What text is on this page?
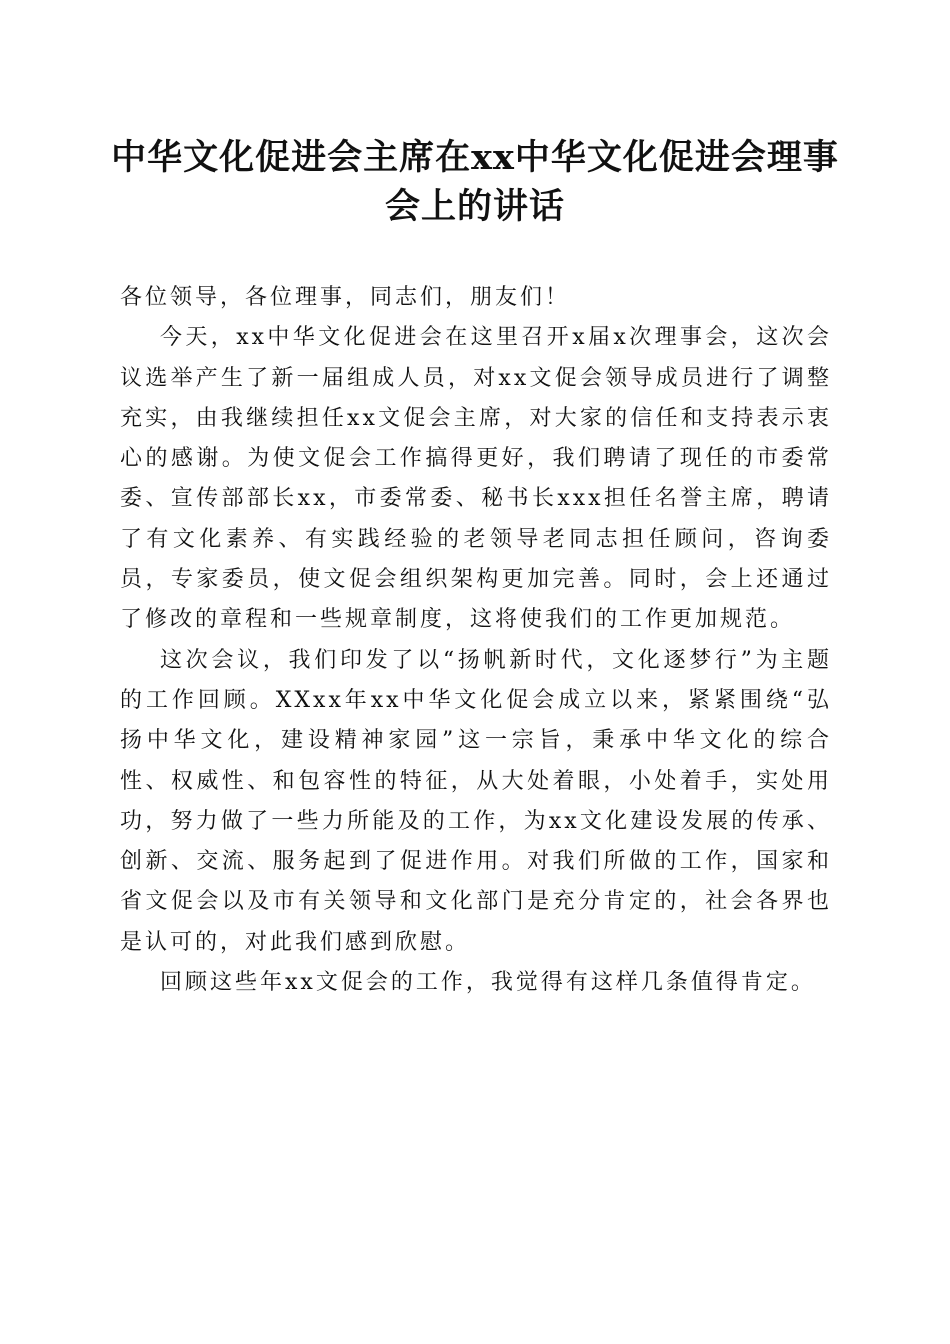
中华文化促进会主席在xx中华文化促进会理事会上的讲话

各位领导，各位理事，同志们，朋友们！

今天，xx中华文化促进会在这里召开x届x次理事会，这次会议选举产生了新一届组成人员，对xx文促会领导成员进行了调整充实，由我继续担任xx文促会主席，对大家的信任和支持表示衷心的感谢。为使文促会工作搞得更好，我们聘请了现任的市委常委、宣传部部长xx，市委常委、秘书长xxx担任名誉主席，聘请了有文化素养、有实践经验的老领导老同志担任顾问，咨询委员，专家委员，使文促会组织架构更加完善。同时，会上还通过了修改的章程和一些规章制度，这将使我们的工作更加规范。

这次会议，我们印发了以“扬帆新时代，文化逐梦行”为主题的工作回顾。XXxx年xx中华文化促会成立以来，紧紧围绕“弘扬中华文化，建设精神家园”这一宗旨，秉承中华文化的综合性、权威性、和包容性的特征，从大处着眼，小处着手，实处用功，努力做了一些力所能及的工作，为xx文化建设发展的传承、创新、交流、服务起到了促进作用。对我们所做的工作，国家和省文促会以及市有关领导和文化部门是充分肯定的，社会各界也是认可的，对此我们感到欣慰。

回顾这些年xx文促会的工作，我觉得有这样几条值得肯定。
